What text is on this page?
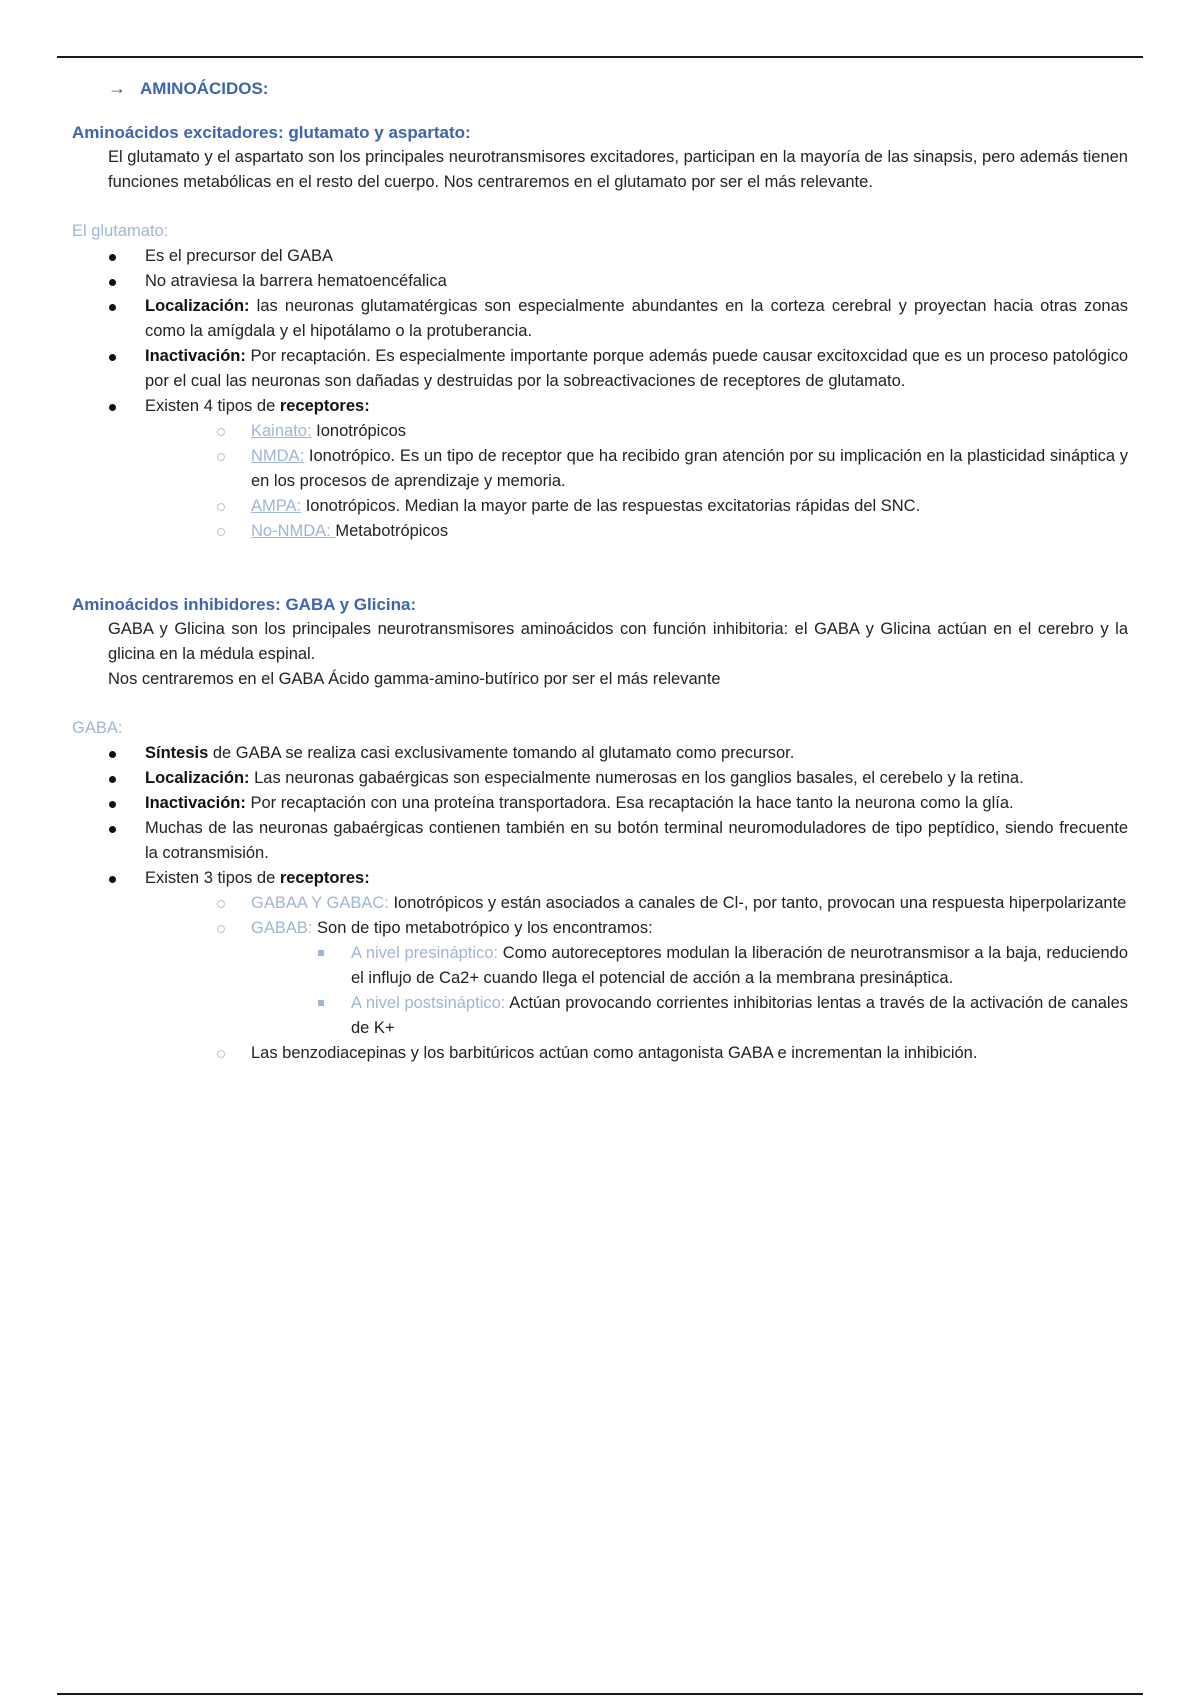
→ AMINOÁCIDOS:
Aminoácidos excitadores: glutamato y aspartato:

El glutamato y el aspartato son los principales neurotransmisores excitadores, participan en la mayoría de las sinapsis, pero además tienen funciones metabólicas en el resto del cuerpo. Nos centraremos en el glutamato por ser el más relevante.

El glutamato:
Es el precursor del GABA
No atraviesa la barrera hematoencéfalica
Localización: las neuronas glutamatérgicas son especialmente abundantes en la corteza cerebral y proyectan hacia otras zonas como la amígdala y el hipotálamo o la protuberancia.
Inactivación: Por recaptación. Es especialmente importante porque además puede causar excitoxcidad que es un proceso patológico por el cual las neuronas son dañadas y destruidas por la sobreactivaciones de receptores de glutamato.
Existen 4 tipos de receptores:
Kainato: Ionotrópicos
NMDA: Ionotrópico. Es un tipo de receptor que ha recibido gran atención por su implicación en la plasticidad sináptica y en los procesos de aprendizaje y memoria.
AMPA: Ionotrópicos. Median la mayor parte de las respuestas excitatorias rápidas del SNC.
No-NMDA: Metabotrópicos
Aminoácidos inhibidores: GABA y Glicina:

GABA y Glicina son los principales neurotransmisores aminoácidos con función inhibitoria: el GABA y Glicina actúan en el cerebro y la glicina en la médula espinal.

Nos centraremos en el GABA Ácido gamma-amino-butírico por ser el más relevante

GABA:
Síntesis de GABA se realiza casi exclusivamente tomando al glutamato como precursor.
Localización: Las neuronas gabaérgicas son especialmente numerosas en los ganglios basales, el cerebelo y la retina.
Inactivación: Por recaptación con una proteína transportadora. Esa recaptación la hace tanto la neurona como la glía.
Muchas de las neuronas gabaérgicas contienen también en su botón terminal neuromoduladores de tipo peptídico, siendo frecuente la cotransmisión.
Existen 3 tipos de receptores:
GABAA Y GABAC: Ionotrópicos y están asociados a canales de Cl-, por tanto, provocan una respuesta hiperpolarizante
GABAB: Son de tipo metabotrópico y los encontramos:
A nivel presináptico: Como autoreceptores modulan la liberación de neurotransmisor a la baja, reduciendo el influjo de Ca2+ cuando llega el potencial de acción a la membrana presináptica.
A nivel postsináptico: Actúan provocando corrientes inhibitorias lentas a través de la activación de canales de K+
Las benzodiacepinas y los barbitúricos actúan como antagonista GABA e incrementan la inhibición.
